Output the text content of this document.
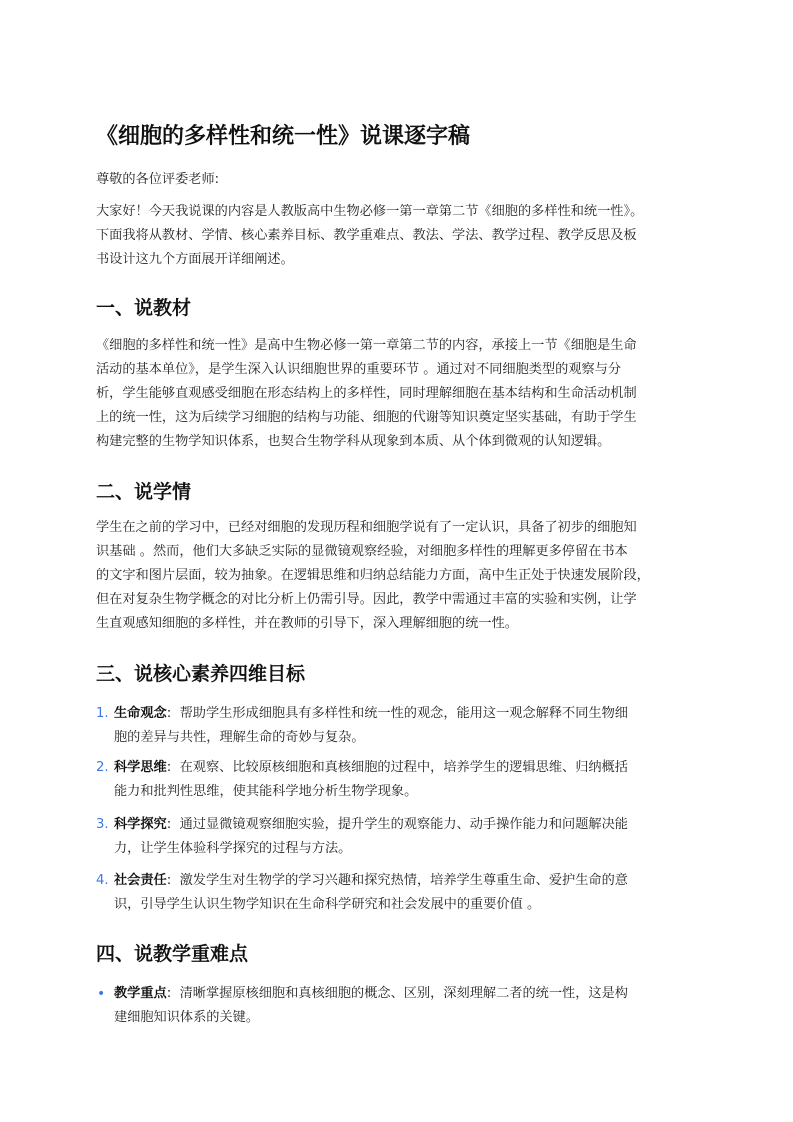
《细胞的多样性和统一性》说课逐字稿
尊敬的各位评委老师:
大家好！今天我说课的内容是人教版高中生物必修一第一章第二节《细胞的多样性和统一性》。
下面我将从教材、学情、核心素养目标、教学重难点、教法、学法、教学过程、教学反思及板
书设计这九个方面展开详细阐述。
一、说教材
《细胞的多样性和统一性》是高中生物必修一第一章第二节的内容，承接上一节《细胞是生命
活动的基本单位》，是学生深入认识细胞世界的重要环节 。通过对不同细胞类型的观察与分
析，学生能够直观感受细胞在形态结构上的多样性，同时理解细胞在基本结构和生命活动机制
上的统一性，这为后续学习细胞的结构与功能、细胞的代谢等知识奠定坚实基础，有助于学生
构建完整的生物学知识体系，也契合生物学科从现象到本质、从个体到微观的认知逻辑。
二、说学情
学生在之前的学习中，已经对细胞的发现历程和细胞学说有了一定认识，具备了初步的细胞知
识基础 。然而，他们大多缺乏实际的显微镜观察经验，对细胞多样性的理解更多停留在书本
的文字和图片层面，较为抽象。在逻辑思维和归纳总结能力方面，高中生正处于快速发展阶段，
但在对复杂生物学概念的对比分析上仍需引导。因此，教学中需通过丰富的实验和实例，让学
生直观感知细胞的多样性，并在教师的引导下，深入理解细胞的统一性。
三、说核心素养四维目标
1. 生命观念: 帮助学生形成细胞具有多样性和统一性的观念，能用这一观念解释不同生物细
胞的差异与共性，理解生命的奇妙与复杂。
2. 科学思维: 在观察、比较原核细胞和真核细胞的过程中，培养学生的逻辑思维、归纳概括
能力和批判性思维，使其能科学地分析生物学现象。
3. 科学探究: 通过显微镜观察细胞实验，提升学生的观察能力、动手操作能力和问题解决能
力，让学生体验科学探究的过程与方法。
4. 社会责任: 激发学生对生物学的学习兴趣和探究热情，培养学生尊重生命、爱护生命的意
识，引导学生认识生物学知识在生命科学研究和社会发展中的重要价值 。
四、说教学重难点
• 教学重点: 清晰掌握原核细胞和真核细胞的概念、区别，深刻理解二者的统一性，这是构
建细胞知识体系的关键。
